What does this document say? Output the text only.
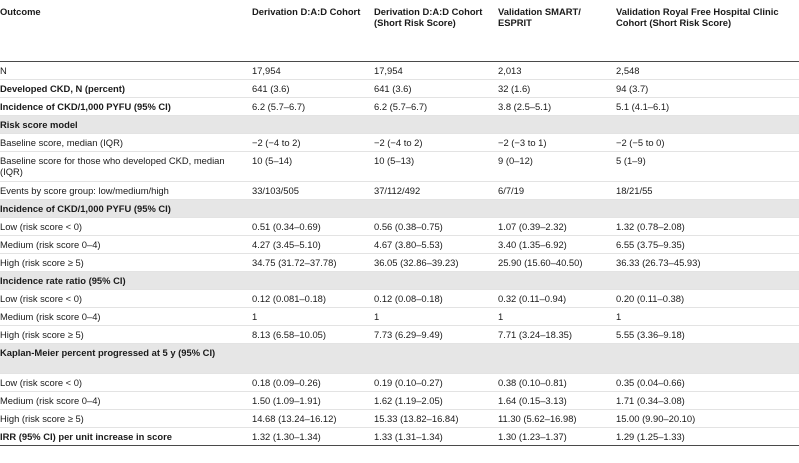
Outcome	Derivation D:A:D Cohort	Derivation D:A:D Cohort (Short Risk Score)	Validation SMART/ ESPRIT	Validation Royal Free Hospital Clinic Cohort (Short Risk Score)
N	17,954	17,954	2,013	2,548
Developed CKD, N (percent)	641 (3.6)	641 (3.6)	32 (1.6)	94 (3.7)
Incidence of CKD/1,000 PYFU (95% CI)	6.2 (5.7–6.7)	6.2 (5.7–6.7)	3.8 (2.5–5.1)	5.1 (4.1–6.1)
Risk score model				
Baseline score, median (IQR)	−2 (−4 to 2)	−2 (−4 to 2)	−2 (−3 to 1)	−2 (−5 to 0)
Baseline score for those who developed CKD, median (IQR)	10 (5–14)	10 (5–13)	9 (0–12)	5 (1–9)
Events by score group: low/medium/high	33/103/505	37/112/492	6/7/19	18/21/55
Incidence of CKD/1,000 PYFU (95% CI)				
Low (risk score < 0)	0.51 (0.34–0.69)	0.56 (0.38–0.75)	1.07 (0.39–2.32)	1.32 (0.78–2.08)
Medium (risk score 0–4)	4.27 (3.45–5.10)	4.67 (3.80–5.53)	3.40 (1.35–6.92)	6.55 (3.75–9.35)
High (risk score ≥ 5)	34.75 (31.72–37.78)	36.05 (32.86–39.23)	25.90 (15.60–40.50)	36.33 (26.73–45.93)
Incidence rate ratio (95% CI)				
Low (risk score < 0)	0.12 (0.081–0.18)	0.12 (0.08–0.18)	0.32 (0.11–0.94)	0.20 (0.11–0.38)
Medium (risk score 0–4)	1	1	1	1
High (risk score ≥ 5)	8.13 (6.58–10.05)	7.73 (6.29–9.49)	7.71 (3.24–18.35)	5.55 (3.36–9.18)
Kaplan-Meier percent progressed at 5 y (95% CI)				
Low (risk score < 0)	0.18 (0.09–0.26)	0.19 (0.10–0.27)	0.38 (0.10–0.81)	0.35 (0.04–0.66)
Medium (risk score 0–4)	1.50 (1.09–1.91)	1.62 (1.19–2.05)	1.64 (0.15–3.13)	1.71 (0.34–3.08)
High (risk score ≥ 5)	14.68 (13.24–16.12)	15.33 (13.82–16.84)	11.30 (5.62–16.98)	15.00 (9.90–20.10)
IRR (95% CI) per unit increase in score	1.32 (1.30–1.34)	1.33 (1.31–1.34)	1.30 (1.23–1.37)	1.29 (1.25–1.33)
